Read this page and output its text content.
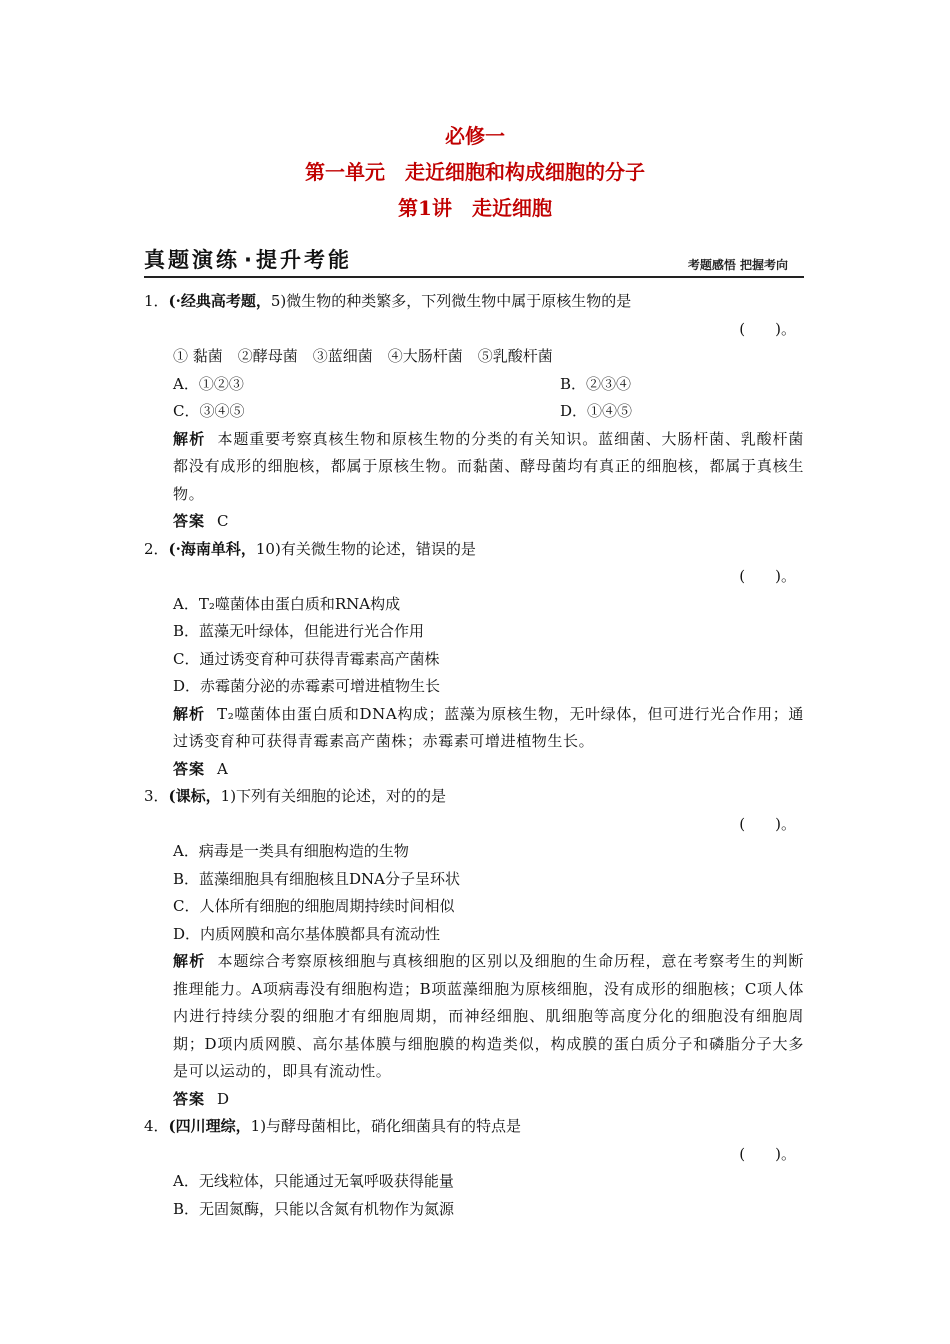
必修一
第一单元　走近细胞和构成细胞的分子
第1讲　走近细胞
真题演练 · 提升考能	考题感悟 把握考向
1．(·经典高考题，5)微生物的种类繁多，下列微生物中属于原核生物的是
(　　)。
① 黏菌　②酵母菌　③蓝细菌　④大肠杆菌　⑤乳酸杆菌
A．①②③	B．②③④
C．③④⑤	D．①④⑤
解析 本题重要考察真核生物和原核生物的分类的有关知识。蓝细菌、大肠杆菌、乳酸杆菌都没有成形的细胞核，都属于原核生物。而黏菌、酵母菌均有真正的细胞核，都属于真核生物。
答案 C
2．(·海南单科，10)有关微生物的论述，错误的是
(　　)。
A．T₂噬菌体由蛋白质和RNA构成
B．蓝藻无叶绿体，但能进行光合作用
C．通过诱变育种可获得青霉素高产菌株
D．赤霉菌分泌的赤霉素可增进植物生长
解析 T₂噬菌体由蛋白质和DNA构成；蓝藻为原核生物，无叶绿体，但可进行光合作用；通过诱变育种可获得青霉素高产菌株；赤霉素可增进植物生长。
答案 A
3．(课标，1)下列有关细胞的论述，对的的是
(　　)。
A．病毒是一类具有细胞构造的生物
B．蓝藻细胞具有细胞核且DNA分子呈环状
C．人体所有细胞的细胞周期持续时间相似
D．内质网膜和高尔基体膜都具有流动性
解析 本题综合考察原核细胞与真核细胞的区别以及细胞的生命历程，意在考察考生的判断推理能力。A项病毒没有细胞构造；B项蓝藻细胞为原核细胞，没有成形的细胞核；C项人体内进行持续分裂的细胞才有细胞周期，而神经细胞、肌细胞等高度分化的细胞没有细胞周期；D项内质网膜、高尔基体膜与细胞膜的构造类似，构成膜的蛋白质分子和磷脂分子大多是可以运动的，即具有流动性。
答案 D
4．(四川理综，1)与酵母菌相比，硝化细菌具有的特点是
(　　)。
A．无线粒体，只能通过无氧呼吸获得能量
B．无固氮酶，只能以含氮有机物作为氮源
